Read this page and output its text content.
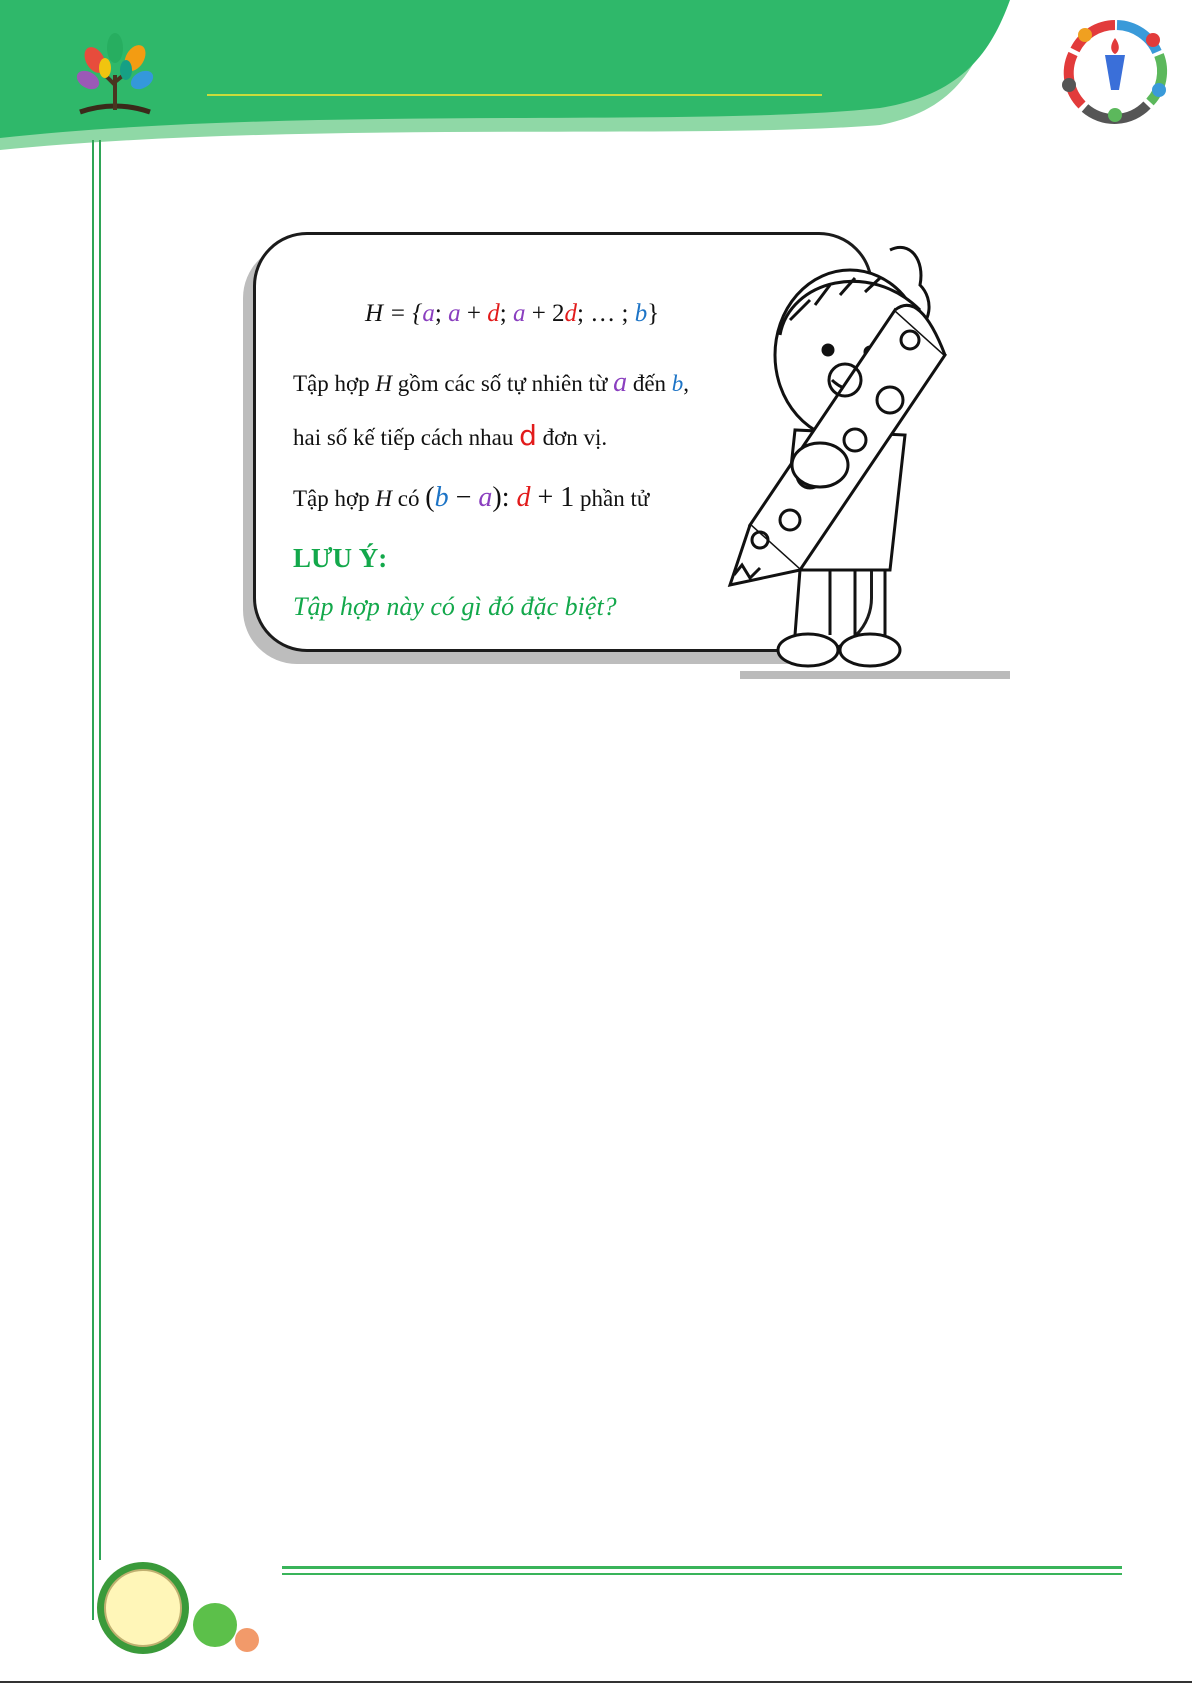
H = {a; a + d; a + 2d; … ; b}
Tập hợp H gồm các số tự nhiên từ a đến b,
hai số kế tiếp cách nhau d đơn vị.
Tập hợp H có (b − a): d + 1 phần tử
LƯU Ý:
Tập hợp này có gì đó đặc biệt?
